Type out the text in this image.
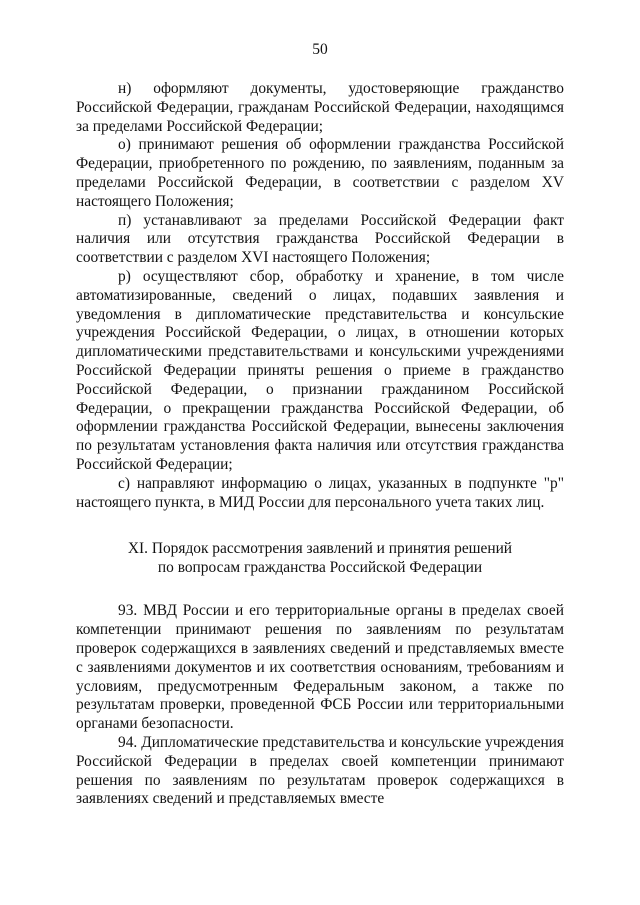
50

н) оформляют документы, удостоверяющие гражданство Российской Федерации, гражданам Российской Федерации, находящимся за пределами Российской Федерации;

о) принимают решения об оформлении гражданства Российской Федерации, приобретенного по рождению, по заявлениям, поданным за пределами Российской Федерации, в соответствии с разделом XV настоящего Положения;

п) устанавливают за пределами Российской Федерации факт наличия или отсутствия гражданства Российской Федерации в соответствии с разделом XVI настоящего Положения;

р) осуществляют сбор, обработку и хранение, в том числе автоматизированные, сведений о лицах, подавших заявления и уведомления в дипломатические представительства и консульские учреждения Российской Федерации, о лицах, в отношении которых дипломатическими представительствами и консульскими учреждениями Российской Федерации приняты решения о приеме в гражданство Российской Федерации, о признании гражданином Российской Федерации, о прекращении гражданства Российской Федерации, об оформлении гражданства Российской Федерации, вынесены заключения по результатам установления факта наличия или отсутствия гражданства Российской Федерации;

с) направляют информацию о лицах, указанных в подпункте "р" настоящего пункта, в МИД России для персонального учета таких лиц.

XI. Порядок рассмотрения заявлений и принятия решений
по вопросам гражданства Российской Федерации

93. МВД России и его территориальные органы в пределах своей компетенции принимают решения по заявлениям по результатам проверок содержащихся в заявлениях сведений и представляемых вместе с заявлениями документов и их соответствия основаниям, требованиям и условиям, предусмотренным Федеральным законом, а также по результатам проверки, проведенной ФСБ России или территориальными органами безопасности.

94. Дипломатические представительства и консульские учреждения Российской Федерации в пределах своей компетенции принимают решения по заявлениям по результатам проверок содержащихся в заявлениях сведений и представляемых вместе
